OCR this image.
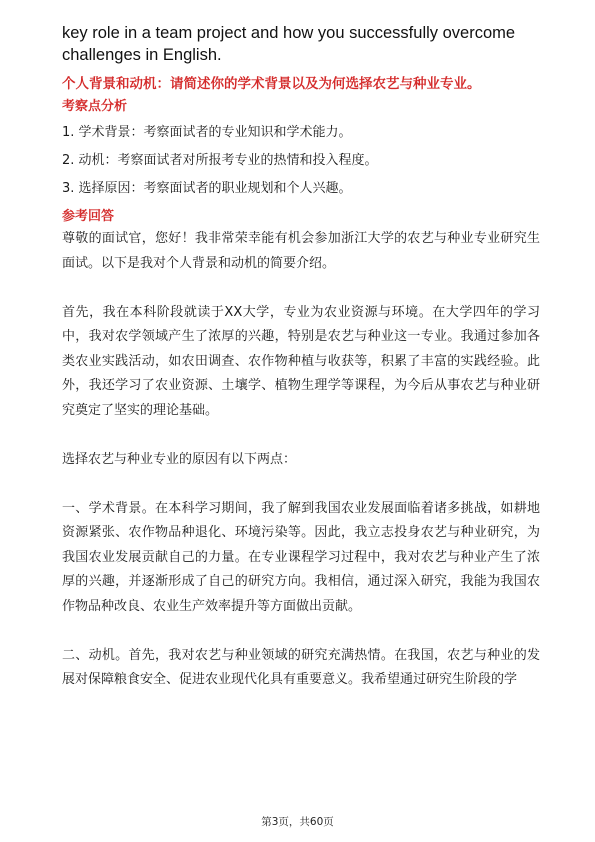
key role in a team project and how you successfully overcome challenges in English.

个人背景和动机：请简述你的学术背景以及为何选择农艺与种业专业。
考察点分析
1. 学术背景：考察面试者的专业知识和学术能力。
2. 动机：考察面试者对所报考专业的热情和投入程度。
3. 选择原因：考察面试者的职业规划和个人兴趣。
参考回答

尊敬的面试官，您好！我非常荣幸能有机会参加浙江大学的农艺与种业专业研究生面试。以下是我对个人背景和动机的简要介绍。

首先，我在本科阶段就读于XX大学，专业为农业资源与环境。在大学四年的学习中，我对农学领域产生了浓厚的兴趣，特别是农艺与种业这一专业。我通过参加各类农业实践活动，如农田调查、农作物种植与收获等，积累了丰富的实践经验。此外，我还学习了农业资源、土壤学、植物生理学等课程，为今后从事农艺与种业研究奠定了坚实的理论基础。

选择农艺与种业专业的原因有以下两点：

一、学术背景。在本科学习期间，我了解到我国农业发展面临着诸多挑战，如耕地资源紧张、农作物品种退化、环境污染等。因此，我立志投身农艺与种业研究，为我国农业发展贡献自己的力量。在专业课程学习过程中，我对农艺与种业产生了浓厚的兴趣，并逐渐形成了自己的研究方向。我相信，通过深入研究，我能为我国农作物品种改良、农业生产效率提升等方面做出贡献。

二、动机。首先，我对农艺与种业领域的研究充满热情。在我国，农艺与种业的发展对保障粮食安全、促进农业现代化具有重要意义。我希望通过研究生阶段的学

第3页，共60页
